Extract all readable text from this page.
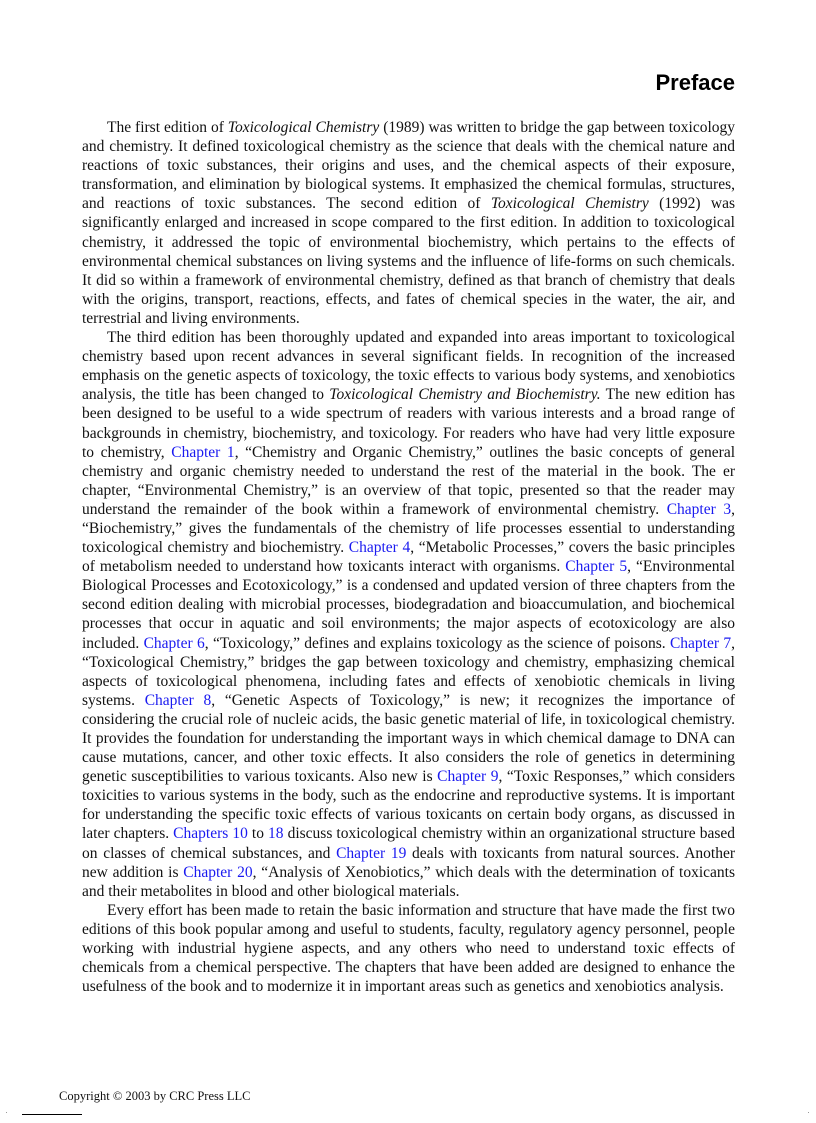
Preface

The first edition of Toxicological Chemistry (1989) was written to bridge the gap between toxicology and chemistry. It defined toxicological chemistry as the science that deals with the chemical nature and reactions of toxic substances, their origins and uses, and the chemical aspects of their exposure, transformation, and elimination by biological systems. It emphasized the chemical formulas, structures, and reactions of toxic substances. The second edition of Toxicological Chemistry (1992) was significantly enlarged and increased in scope compared to the first edition. In addition to toxicological chemistry, it addressed the topic of environmental biochemistry, which pertains to the effects of environmental chemical substances on living systems and the influence of life-forms on such chemicals. It did so within a framework of environmental chemistry, defined as that branch of chemistry that deals with the origins, transport, reactions, effects, and fates of chemical species in the water, the air, and terrestrial and living environments.

The third edition has been thoroughly updated and expanded into areas important to toxicological chemistry based upon recent advances in several significant fields. In recognition of the increased emphasis on the genetic aspects of toxicology, the toxic effects to various body systems, and xenobiotics analysis, the title has been changed to Toxicological Chemistry and Biochemistry. The new edition has been designed to be useful to a wide spectrum of readers with various interests and a broad range of backgrounds in chemistry, biochemistry, and toxicology. For readers who have had very little exposure to chemistry, Chapter 1, “Chemistry and Organic Chemistry,” outlines the basic concepts of general chemistry and organic chemistry needed to understand the rest of the material in the book. The er chapter, “Environmental Chemistry,” is an overview of that topic, presented so that the reader may understand the remainder of the book within a framework of environmental chemistry. Chapter 3, “Biochemistry,” gives the fundamentals of the chemistry of life processes essential to understanding toxicological chemistry and biochemistry. Chapter 4, “Metabolic Processes,” covers the basic principles of metabolism needed to understand how toxicants interact with organisms. Chapter 5, “Environmental Biological Processes and Ecotoxicology,” is a condensed and updated version of three chapters from the second edition dealing with microbial processes, biodegradation and bioaccumulation, and biochemical processes that occur in aquatic and soil environments; the major aspects of ecotoxicology are also included. Chapter 6, “Toxicology,” defines and explains toxicology as the science of poisons. Chapter 7, “Toxicological Chemistry,” bridges the gap between toxicology and chemistry, emphasizing chemical aspects of toxicological phenomena, including fates and effects of xenobiotic chemicals in living systems. Chapter 8, “Genetic Aspects of Toxicology,” is new; it recognizes the importance of considering the crucial role of nucleic acids, the basic genetic material of life, in toxicological chemistry. It provides the foundation for understanding the important ways in which chemical damage to DNA can cause mutations, cancer, and other toxic effects. It also considers the role of genetics in determining genetic susceptibilities to various toxicants. Also new is Chapter 9, “Toxic Responses,” which considers toxicities to various systems in the body, such as the endocrine and reproductive systems. It is important for understanding the specific toxic effects of various toxicants on certain body organs, as discussed in later chapters. Chapters 10 to 18 discuss toxicological chemistry within an organizational structure based on classes of chemical substances, and Chapter 19 deals with toxicants from natural sources. Another new addition is Chapter 20, “Analysis of Xenobiotics,” which deals with the determination of toxicants and their metabolites in blood and other biological materials.

Every effort has been made to retain the basic information and structure that have made the first two editions of this book popular among and useful to students, faculty, regulatory agency personnel, people working with industrial hygiene aspects, and any others who need to understand toxic effects of chemicals from a chemical perspective. The chapters that have been added are designed to enhance the usefulness of the book and to modernize it in important areas such as genetics and xenobiotics analysis.

Copyright © 2003 by CRC Press LLC
